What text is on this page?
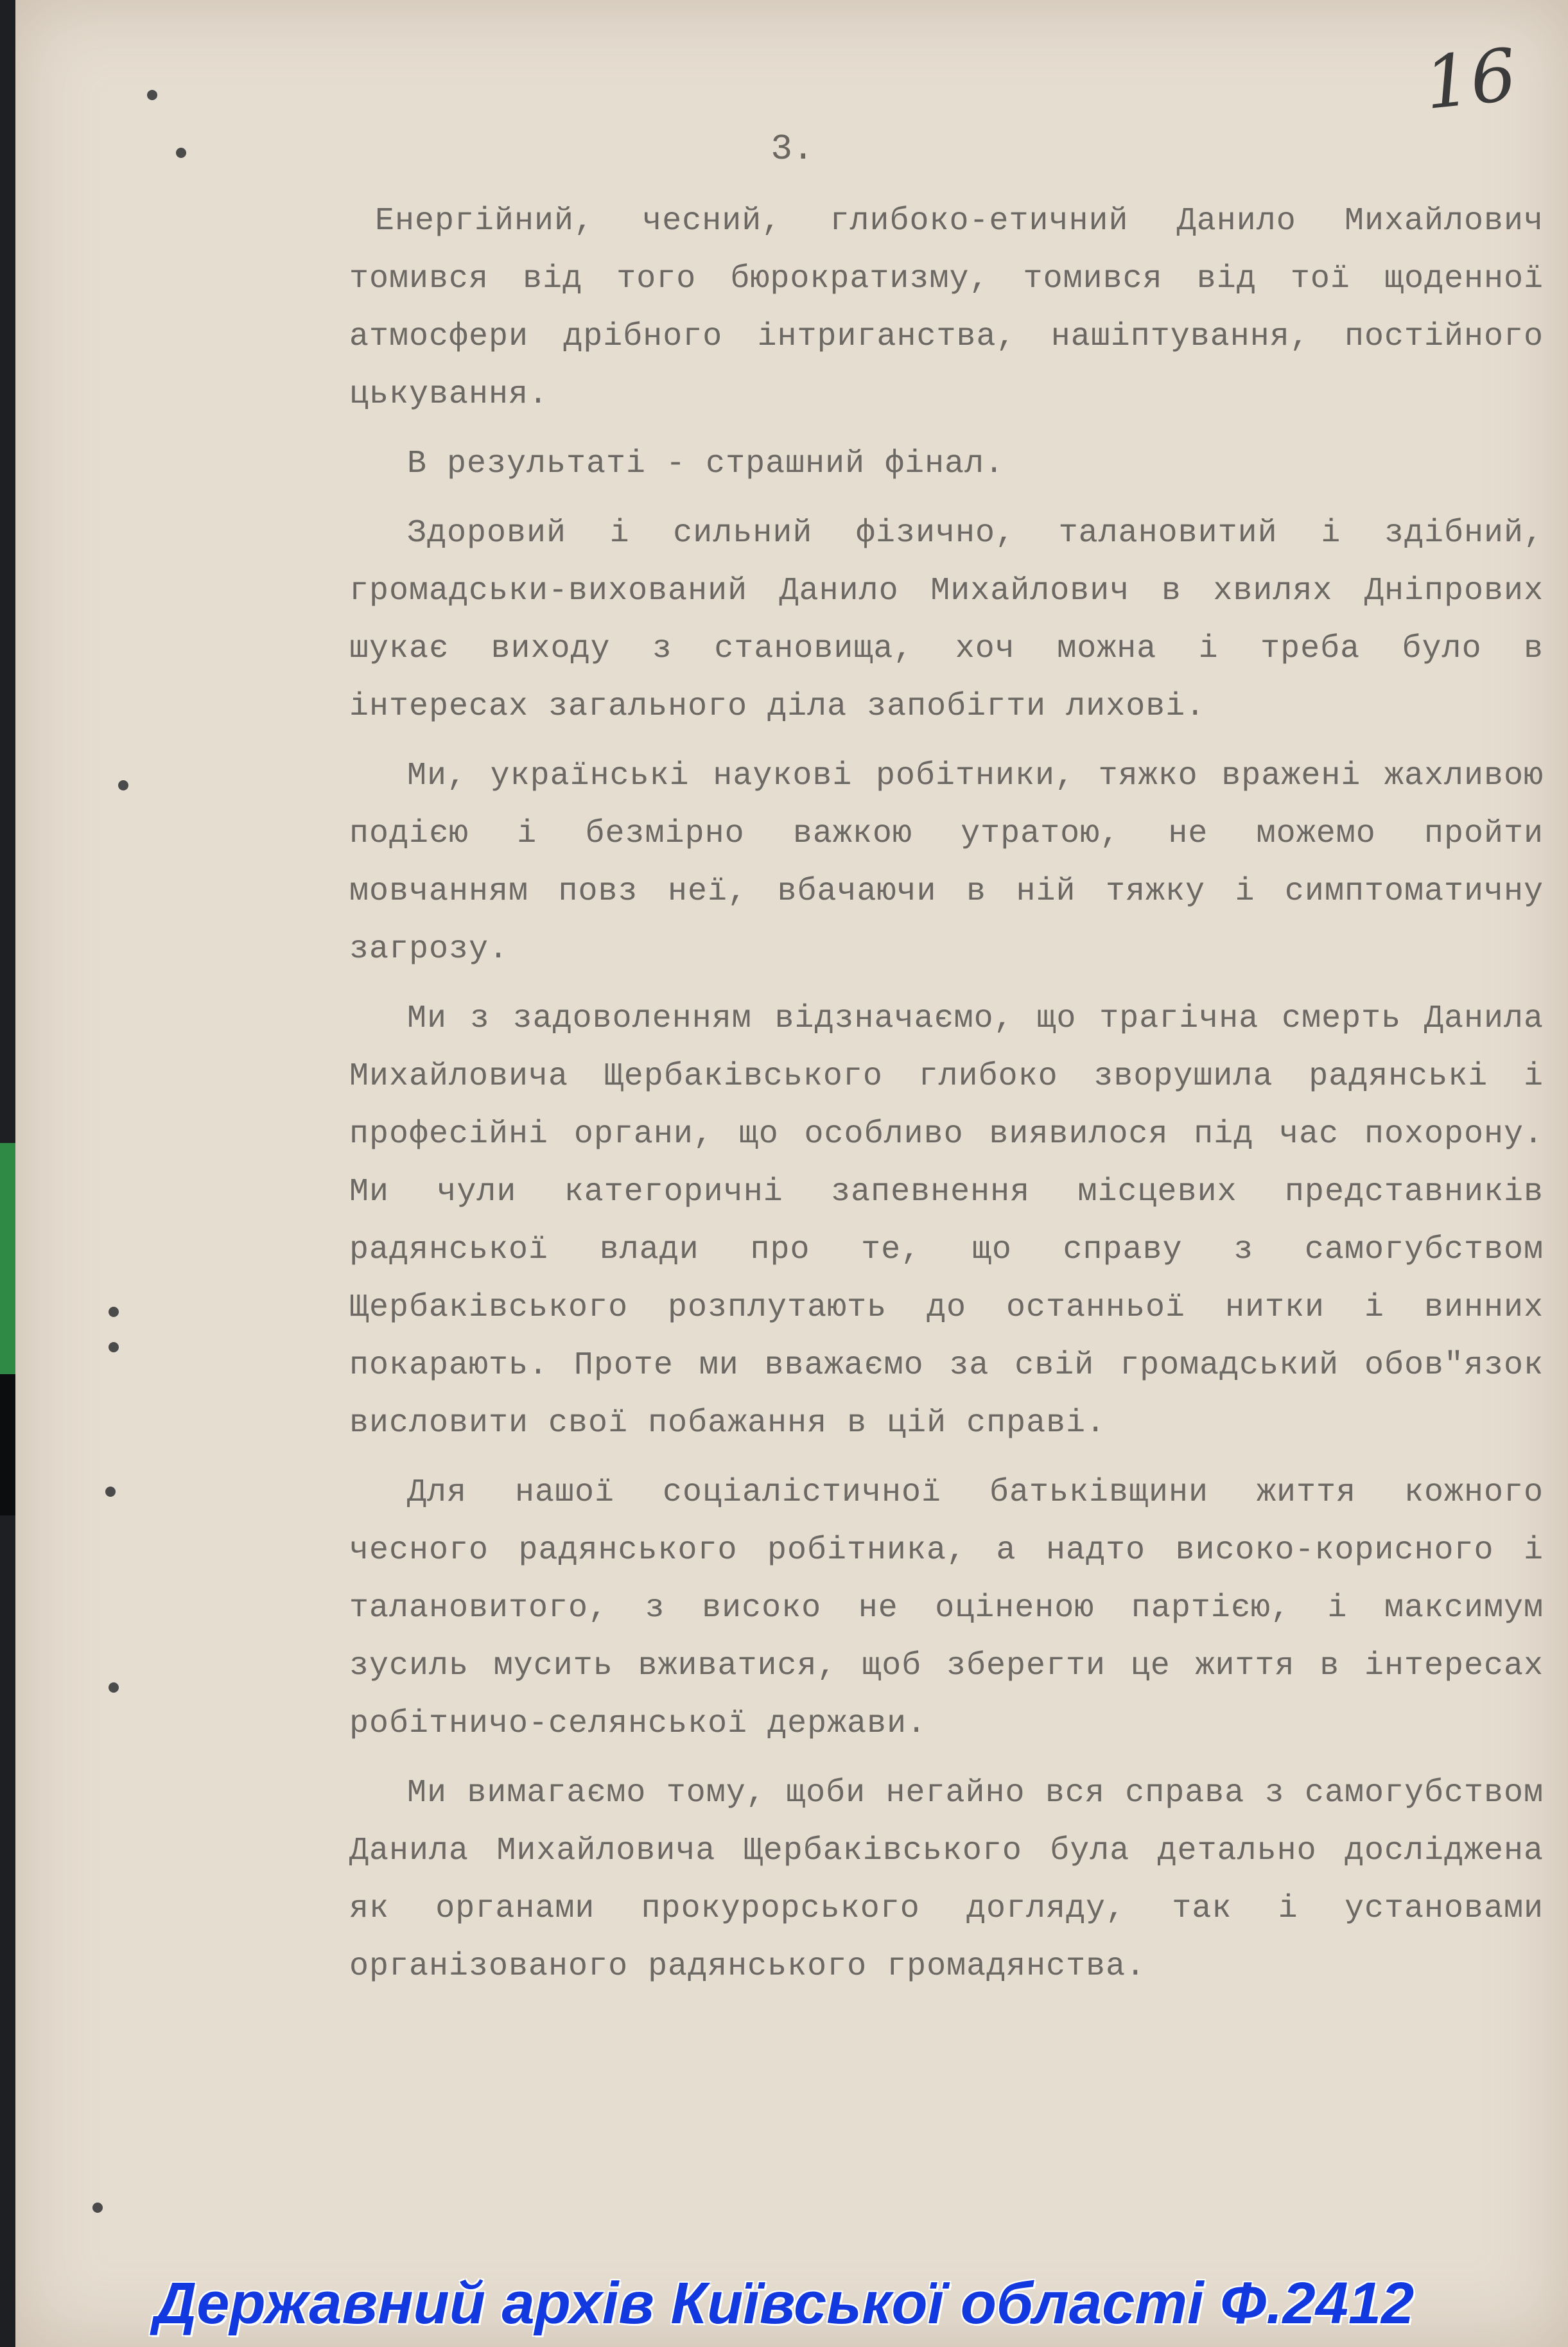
16
3.

Енергійний, чесний, глибоко-етичний Данило Михайлович томився від того бюрократизму, томився від тої щоденної атмосфери дрібного інтриганства, нашіптування, постійного цькування.

В результаті - страшний фінал.

Здоровий і сильний фізично, талановитий і здібний, громадськи-вихований Данило Михайлович в хвилях Дніпрових шукає виходу з становища, хоч можна і треба було в інтересах загального діла запобігти лихові.

Ми, українські наукові робітники, тяжко вражені жахливою подією і безмірно важкою утратою, не можемо пройти мовчанням повз неї, вбачаючи в ній тяжку і симптоматичну загрозу.

Ми з задоволенням відзначаємо, що трагічна смерть Данила Михайловича Щербаківського глибоко зворушила радянські і професійні органи, що особливо виявилося під час похорону. Ми чули категоричні запевнення місцевих представників радянської влади про те, що справу з самогубством Щербаківського розплутають до останньої нитки і винних покарають. Проте ми вважаємо за свій громадський обов"язок висловити свої побажання в цій справі.

Для нашої соціалістичної батьківщини життя кожного чесного радянського робітника, а надто високо-корисного і талановитого, з високо не оціненою партією, і максимум зусиль мусить вживатися, щоб зберегти це життя в інтересах робітничо-селянської держави.

Ми вимагаємо тому, щоби негайно вся справа з самогубством Данила Михайловича Щербаківського була детально досліджена як органами прокурорського догляду, так і установами організованого радянського громадянства.

Державний архів Київської області Ф.2412
